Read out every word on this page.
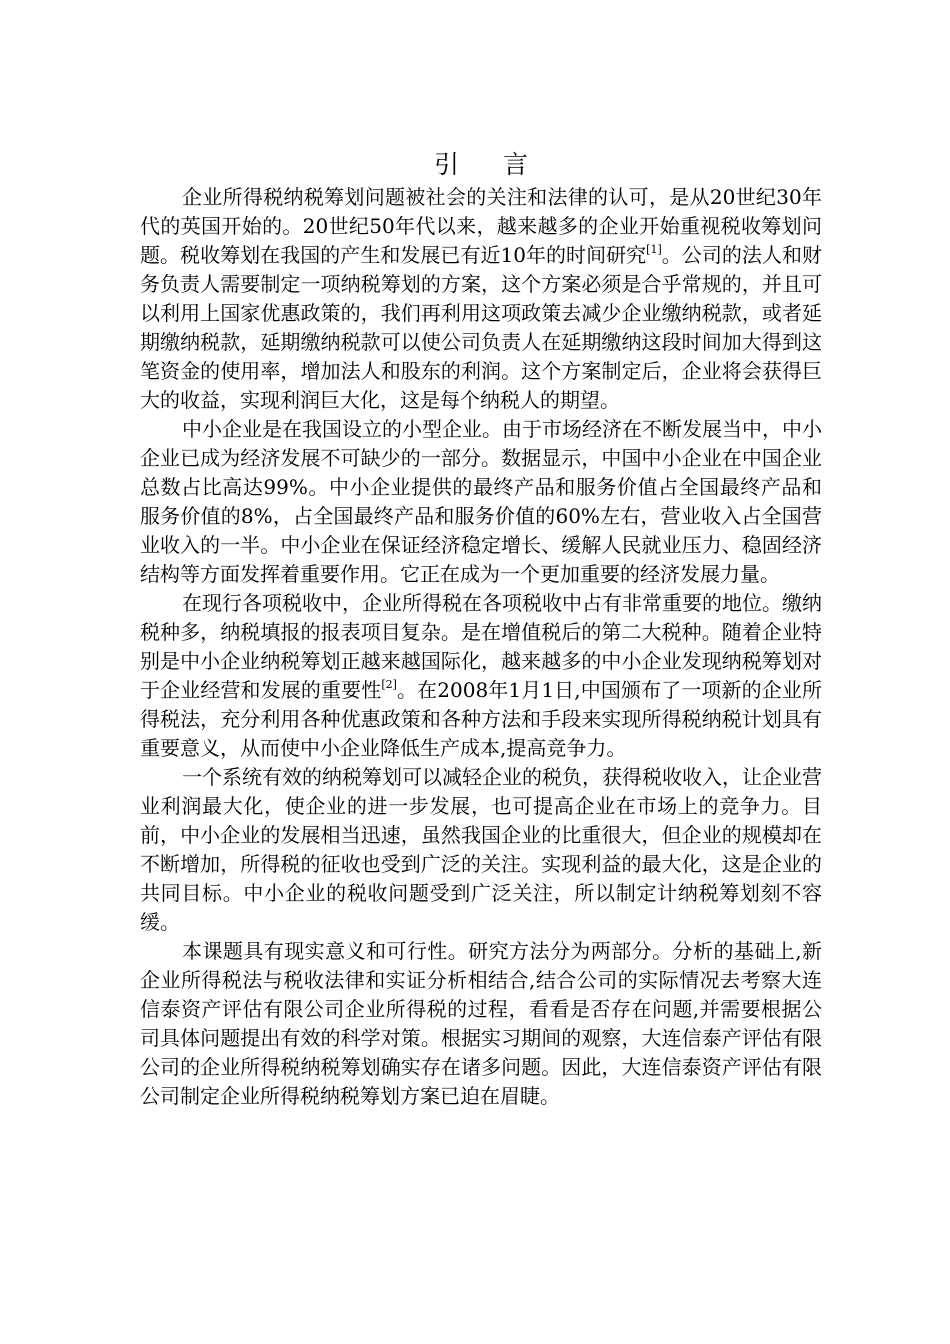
引言

企业所得税纳税筹划问题被社会的关注和法律的认可，是从20世纪30年代的英国开始的。20世纪50年代以来，越来越多的企业开始重视税收筹划问题。税收筹划在我国的产生和发展已有近10年的时间研究[1]。公司的法人和财务负责人需要制定一项纳税筹划的方案，这个方案必须是合乎常规的，并且可以利用上国家优惠政策的，我们再利用这项政策去减少企业缴纳税款，或者延期缴纳税款，延期缴纳税款可以使公司负责人在延期缴纳这段时间加大得到这笔资金的使用率，增加法人和股东的利润。这个方案制定后，企业将会获得巨大的收益，实现利润巨大化，这是每个纳税人的期望。

中小企业是在我国设立的小型企业。由于市场经济在不断发展当中，中小企业已成为经济发展不可缺少的一部分。数据显示，中国中小企业在中国企业总数占比高达99%。中小企业提供的最终产品和服务价值占全国最终产品和服务价值的8%，占全国最终产品和服务价值的60%左右，营业收入占全国营业收入的一半。中小企业在保证经济稳定增长、缓解人民就业压力、稳固经济结构等方面发挥着重要作用。它正在成为一个更加重要的经济发展力量。

在现行各项税收中，企业所得税在各项税收中占有非常重要的地位。缴纳税种多，纳税填报的报表项目复杂。是在增值税后的第二大税种。随着企业特别是中小企业纳税筹划正越来越国际化，越来越多的中小企业发现纳税筹划对于企业经营和发展的重要性[2]。在2008年1月1日,中国颁布了一项新的企业所得税法，充分利用各种优惠政策和各种方法和手段来实现所得税纳税计划具有重要意义，从而使中小企业降低生产成本,提高竞争力。

一个系统有效的纳税筹划可以减轻企业的税负，获得税收收入，让企业营业利润最大化，使企业的进一步发展，也可提高企业在市场上的竞争力。目前，中小企业的发展相当迅速，虽然我国企业的比重很大，但企业的规模却在不断增加，所得税的征收也受到广泛的关注。实现利益的最大化，这是企业的共同目标。中小企业的税收问题受到广泛关注，所以制定计纳税筹划刻不容缓。

本课题具有现实意义和可行性。研究方法分为两部分。分析的基础上,新企业所得税法与税收法律和实证分析相结合,结合公司的实际情况去考察大连信泰资产评估有限公司企业所得税的过程，看看是否存在问题,并需要根据公司具体问题提出有效的科学对策。根据实习期间的观察，大连信泰产评估有限公司的企业所得税纳税筹划确实存在诸多问题。因此，大连信泰资产评估有限公司制定企业所得税纳税筹划方案已迫在眉睫。
